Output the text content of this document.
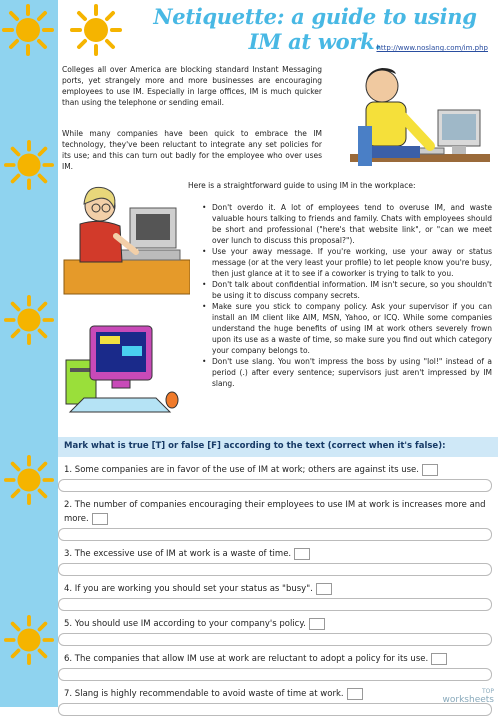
Netiquette: a guide to using IM at work.
http://www.noslang.com/im.php

Colleges all over America are blocking standard Instant Messaging ports, yet strangely more and more businesses are encouraging employees to use IM. Especially in large offices, IM is much quicker than using the telephone or sending email.

While many companies have been quick to embrace the IM technology, they've been reluctant to integrate any set policies for its use; and this can turn out badly for the employee who over uses IM.

Here is a straightforward guide to using IM in the workplace:

• Don't overdo it. A lot of employees tend to overuse IM, and waste valuable hours talking to friends and family. Chats with employees should be short and professional ("here's that website link", or "can we meet over lunch to discuss this proposal?").
• Use your away message. If you're working, use your away or status message (or at the very least your profile) to let people know you're busy, then just glance at it to see if a coworker is trying to talk to you.
• Don't talk about confidential information. IM isn't secure, so you shouldn't be using it to discuss company secrets.
• Make sure you stick to company policy. Ask your supervisor if you can install an IM client like AIM, MSN, Yahoo, or ICQ. While some companies understand the huge benefits of using IM at work others severely frown upon its use as a waste of time, so make sure you find out which category your company belongs to.
• Don't use slang. You won't impress the boss by using "lol!" instead of a period (.) after every sentence; supervisors just aren't impressed by IM slang.
Mark what is true [T] or false [F] according to the text (correct when it's false):
1. Some companies are in favor of the use of IM at work; others are against its use.
2. The number of companies encouraging their employees to use IM at work is increases more and more.
3. The excessive use of IM at work is a waste of time.
4. If you are working you should set your status as "busy".
5. You should use IM according to your company's policy.
6. The companies that allow IM use at work are reluctant to adopt a policy for its use.
7. Slang is highly recommendable to avoid waste of time at work.	TOP
worksheets
